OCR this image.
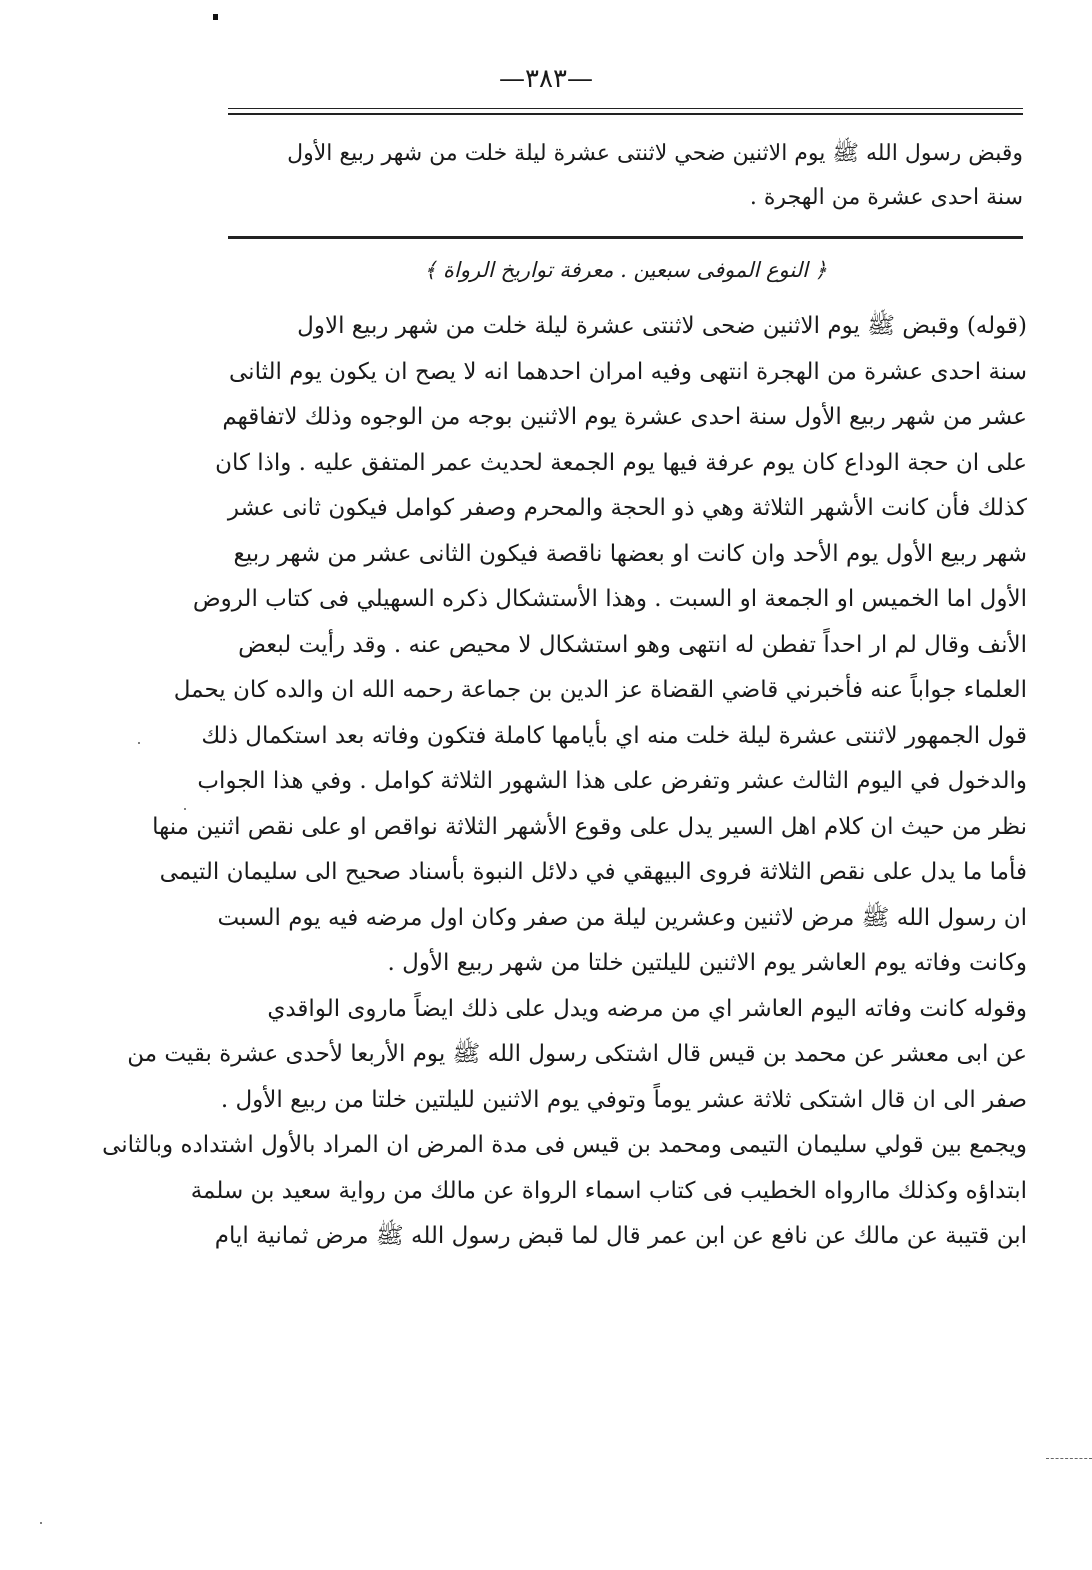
—٣٨٣—
وقبض رسول الله ﷺ يوم الاثنين ضحي لاثنتى عشرة ليلة خلت من شهر ربيع الأول
سنة احدى عشرة من الهجرة .
﴿ النوع الموفى سبعين . معرفة تواريخ الرواة ﴾
(قوله) وقبض ﷺ يوم الاثنين ضحى لاثنتى عشرة ليلة خلت من شهر ربيع الاول
سنة احدى عشرة من الهجرة انتهى وفيه امران احدهما انه لا يصح ان يكون يوم الثانى
عشر من شهر ربيع الأول سنة احدى عشرة يوم الاثنين بوجه من الوجوه وذلك لاتفاقهم
على ان حجة الوداع كان يوم عرفة فيها يوم الجمعة لحديث عمر المتفق عليه . واذا كان
كذلك فأن كانت الأشهر الثلاثة وهي ذو الحجة والمحرم وصفر كوامل فيكون ثانى عشر
شهر ربيع الأول يوم الأحد وان كانت او بعضها ناقصة فيكون الثانى عشر من شهر ربيع
الأول اما الخميس او الجمعة او السبت . وهذا الأستشكال ذكره السهيلي فى كتاب الروض
الأنف وقال لم ار احداً تفطن له انتهى وهو استشكال لا محيص عنه . وقد رأيت لبعض
العلماء جواباً عنه فأخبرني قاضي القضاة عز الدين بن جماعة رحمه الله ان والده كان يحمل
قول الجمهور لاثنتى عشرة ليلة خلت منه اي بأيامها كاملة فتكون وفاته بعد استكمال ذلك
والدخول في اليوم الثالث عشر وتفرض على هذا الشهور الثلاثة كوامل . وفي هذا الجواب
نظر من حيث ان كلام اهل السير يدل على وقوع الأشهر الثلاثة نواقص او على نقص اثنين منها
فأما ما يدل على نقص الثلاثة فروى البيهقي في دلائل النبوة بأسناد صحيح الى سليمان التيمى
ان رسول الله ﷺ مرض لاثنين وعشرين ليلة من صفر وكان اول مرضه فيه يوم السبت
وكانت وفاته يوم العاشر يوم الاثنين لليلتين خلتا من شهر ربيع الأول .
وقوله كانت وفاته اليوم العاشر اي من مرضه ويدل على ذلك ايضاً ماروى الواقدي
عن ابى معشر عن محمد بن قيس قال اشتكى رسول الله ﷺ يوم الأربعا لأحدى عشرة بقيت من
صفر الى ان قال اشتكى ثلاثة عشر يوماً وتوفي يوم الاثنين لليلتين خلتا من ربيع الأول .
ويجمع بين قولي سليمان التيمى ومحمد بن قيس فى مدة المرض ان المراد بالأول اشتداده وبالثانى
ابتداؤه وكذلك ماارواه الخطيب فى كتاب اسماء الرواة عن مالك من رواية سعيد بن سلمة
ابن قتيبة عن مالك عن نافع عن ابن عمر قال لما قبض رسول الله ﷺ مرض ثمانية ايام
